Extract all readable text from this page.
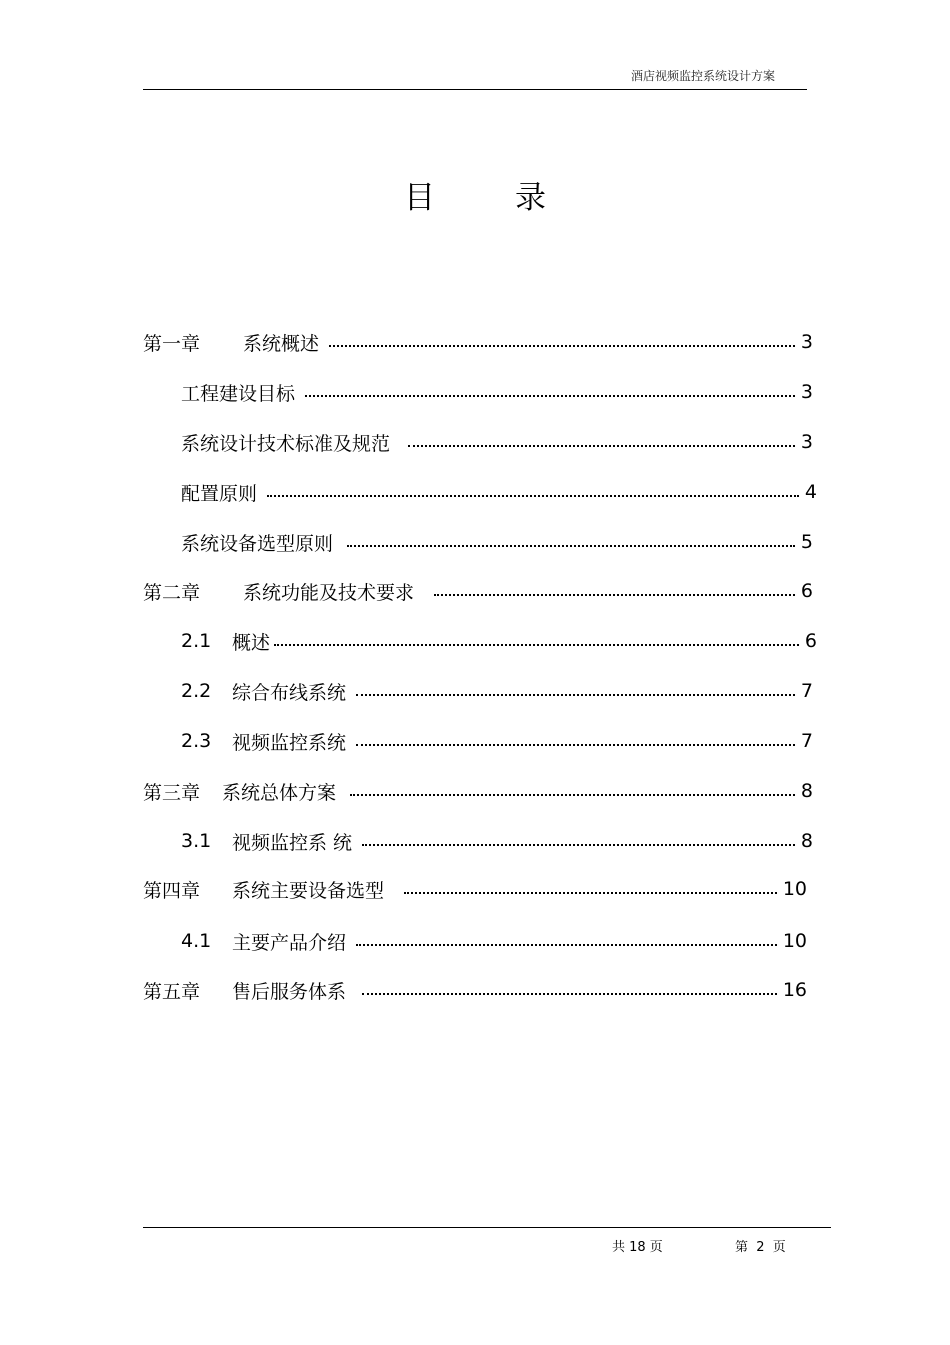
酒店视频监控系统设计方案
目录
第一章	系统概述	3
工程建设目标	3
系统设计技术标准及规范	3
配置原则	4
系统设备选型原则	5
第二章	系统功能及技术要求	6
2.1	概述	6
2.2	综合布线系统	7
2.3	视频监控系统	7
第三章	系统总体方案	8
3.1	视频监控系 统	8
第四章	系统主要设备选型	10
4.1	主要产品介绍	10
第五章	售后服务体系	16
共 18 页	第  2  页
